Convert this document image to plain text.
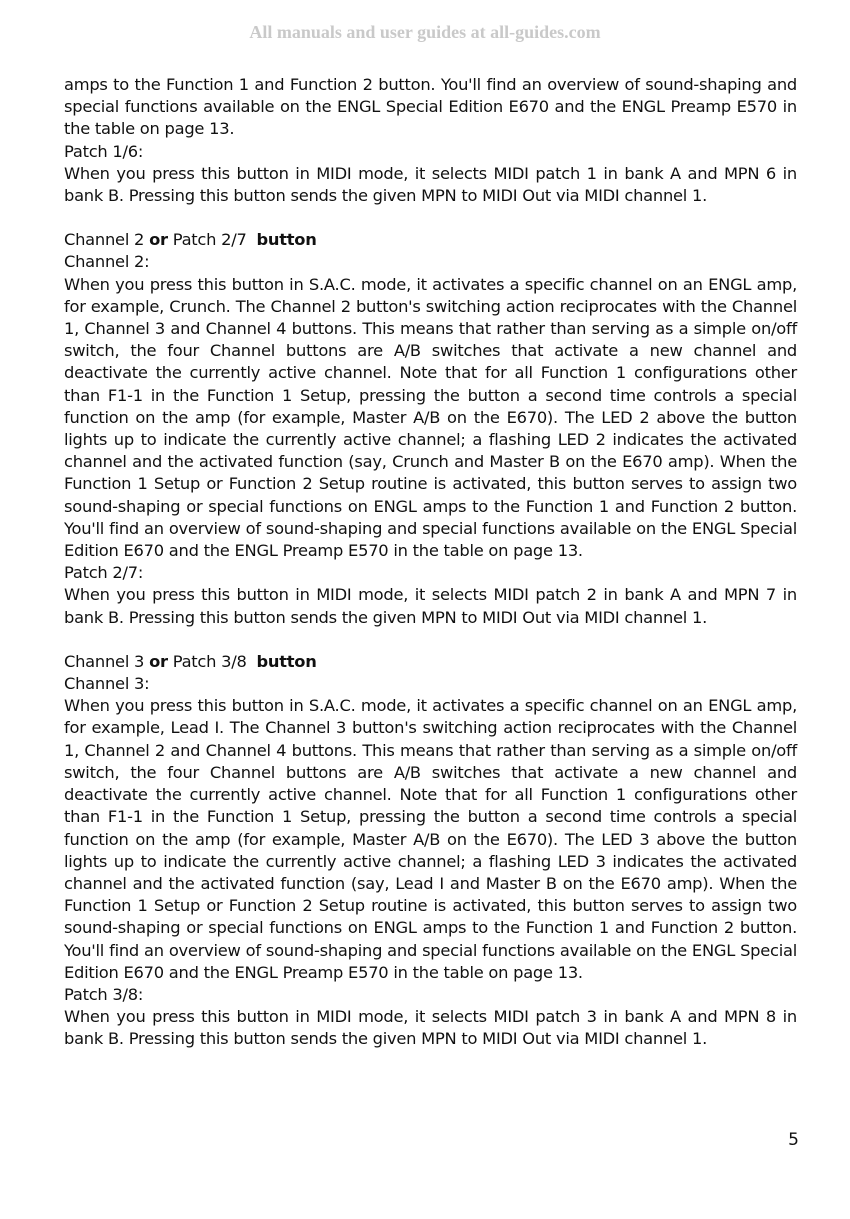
All manuals and user guides at all-guides.com

amps to the Function 1 and Function 2 button. You'll find an overview of sound-shaping and special functions available on the ENGL Special Edition E670 and the ENGL Preamp E570 in the table on page 13.

Patch 1/6:

When you press this button in MIDI mode, it selects MIDI patch 1 in bank A and MPN 6 in bank B. Pressing this button sends the given MPN to MIDI Out via MIDI channel 1.

Channel 2 or Patch 2/7 button
Channel 2:

When you press this button in S.A.C. mode, it activates a specific channel on an ENGL amp, for example, Crunch. The Channel 2 button's switching action reciprocates with the Channel 1, Channel 3 and Channel 4 buttons. This means that rather than serving as a simple on/off switch, the four Channel buttons are A/B switches that activate a new channel and deactivate the currently active channel. Note that for all Function 1 configurations other than F1-1 in the Function 1 Setup, pressing the button a second time controls a special function on the amp (for example, Master A/B on the E670). The LED 2 above the button lights up to indicate the currently active channel; a flashing LED 2 indicates the activated channel and the activated function (say, Crunch and Master B on the E670 amp). When the Function 1 Setup or Function 2 Setup routine is activated, this button serves to assign two sound-shaping or special functions on ENGL amps to the Function 1 and Function 2 button. You'll find an overview of sound-shaping and special functions available on the ENGL Special Edition E670 and the ENGL Preamp E570 in the table on page 13.

Patch 2/7:

When you press this button in MIDI mode, it selects MIDI patch 2 in bank A and MPN 7 in bank B. Pressing this button sends the given MPN to MIDI Out via MIDI channel 1.

Channel 3 or Patch 3/8 button
Channel 3:

When you press this button in S.A.C. mode, it activates a specific channel on an ENGL amp, for example, Lead I. The Channel 3 button's switching action reciprocates with the Channel 1, Channel 2 and Channel 4 buttons. This means that rather than serving as a simple on/off switch, the four Channel buttons are A/B switches that activate a new channel and deactivate the currently active channel. Note that for all Function 1 configurations other than F1-1 in the Function 1 Setup, pressing the button a second time controls a special function on the amp (for example, Master A/B on the E670). The LED 3 above the button lights up to indicate the currently active channel; a flashing LED 3 indicates the activated channel and the activated function (say, Lead I and Master B on the E670 amp). When the Function 1 Setup or Function 2 Setup routine is activated, this button serves to assign two sound-shaping or special functions on ENGL amps to the Function 1 and Function 2 button. You'll find an overview of sound-shaping and special functions available on the ENGL Special Edition E670 and the ENGL Preamp E570 in the table on page 13.

Patch 3/8:

When you press this button in MIDI mode, it selects MIDI patch 3 in bank A and MPN 8 in bank B. Pressing this button sends the given MPN to MIDI Out via MIDI channel 1.

5
